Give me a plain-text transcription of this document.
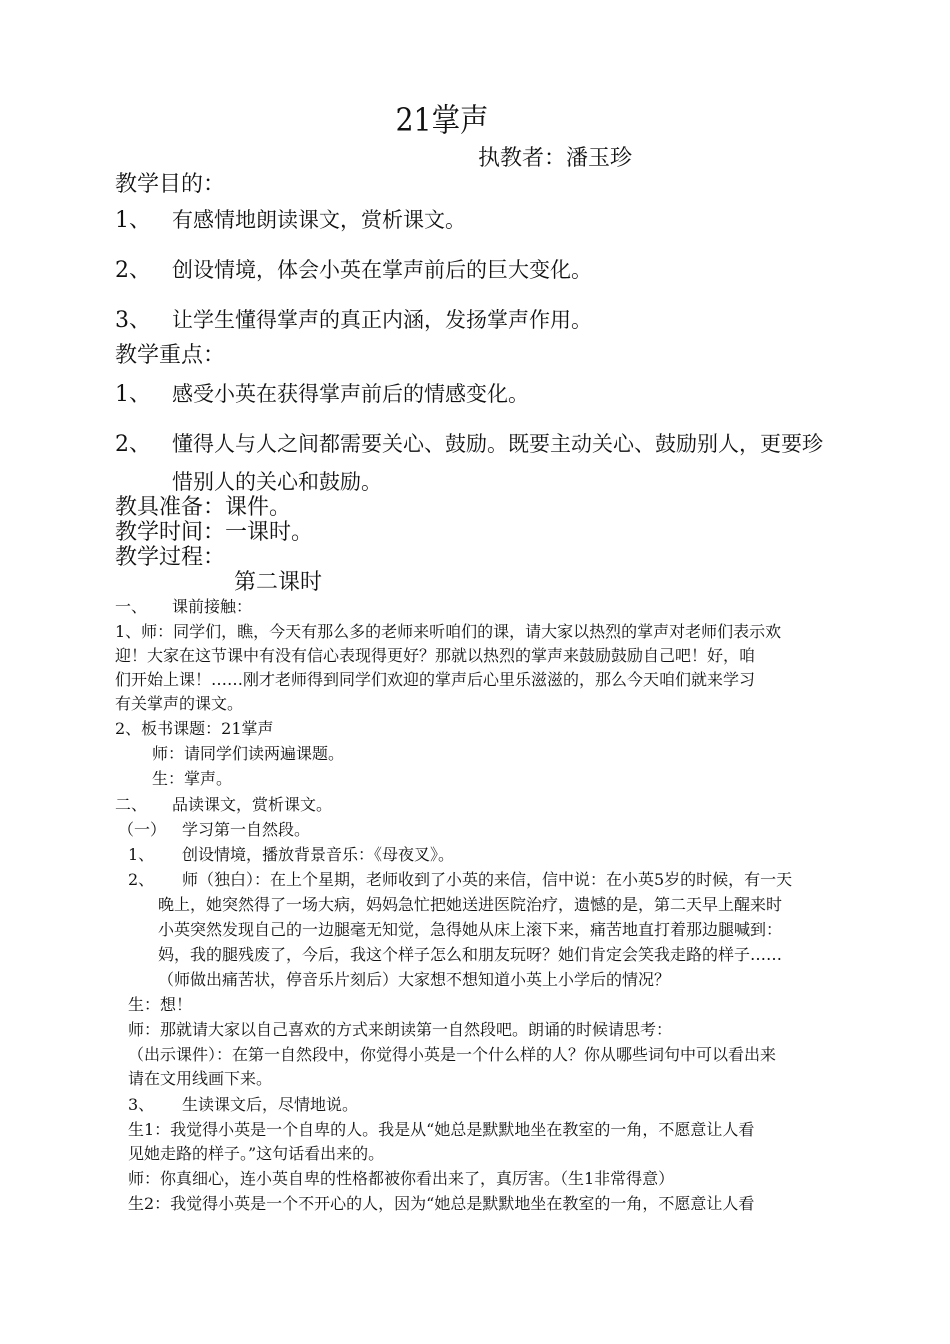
21掌声
执教者：潘玉珍
教学目的：
1、 有感情地朗读课文，赏析课文。
2、 创设情境，体会小英在掌声前后的巨大变化。
3、 让学生懂得掌声的真正内涵，发扬掌声作用。
教学重点：
1、 感受小英在获得掌声前后的情感变化。
2、 懂得人与人之间都需要关心、鼓励。既要主动关心、鼓励别人，更要珍
惜别人的关心和鼓励。
教具准备：课件。
教学时间：一课时。
教学过程：
第二课时
一、 课前接触：
1、师：同学们，瞧，今天有那么多的老师来听咱们的课，请大家以热烈的掌声对老师们表示欢
迎！大家在这节课中有没有信心表现得更好？那就以热烈的掌声来鼓励鼓励自己吧！好，咱
们开始上课！……刚才老师得到同学们欢迎的掌声后心里乐滋滋的，那么今天咱们就来学习
有关掌声的课文。
2、板书课题：21掌声
师：请同学们读两遍课题。
生：掌声。
二、 品读课文，赏析课文。
（一） 学习第一自然段。
1、 创设情境，播放背景音乐：《母夜叉》。
2、 师（独白）：在上个星期，老师收到了小英的来信，信中说：在小英5岁的时候，有一天
晚上，她突然得了一场大病，妈妈急忙把她送进医院治疗，遗憾的是，第二天早上醒来时
小英突然发现自己的一边腿毫无知觉，急得她从床上滚下来，痛苦地直打着那边腿喊到：
妈，我的腿残废了，今后，我这个样子怎么和朋友玩呀？她们肯定会笑我走路的样子……
（师做出痛苦状，停音乐片刻后）大家想不想知道小英上小学后的情况？
生：想！
师：那就请大家以自己喜欢的方式来朗读第一自然段吧。朗诵的时候请思考：
（出示课件）：在第一自然段中，你觉得小英是一个什么样的人？你从哪些词句中可以看出来
请在文用线画下来。
3、 生读课文后，尽情地说。
生1：我觉得小英是一个自卑的人。我是从“她总是默默地坐在教室的一角，不愿意让人看
见她走路的样子。”这句话看出来的。
师：你真细心，连小英自卑的性格都被你看出来了，真厉害。（生1非常得意）
生2：我觉得小英是一个不开心的人，因为“她总是默默地坐在教室的一角，不愿意让人看
